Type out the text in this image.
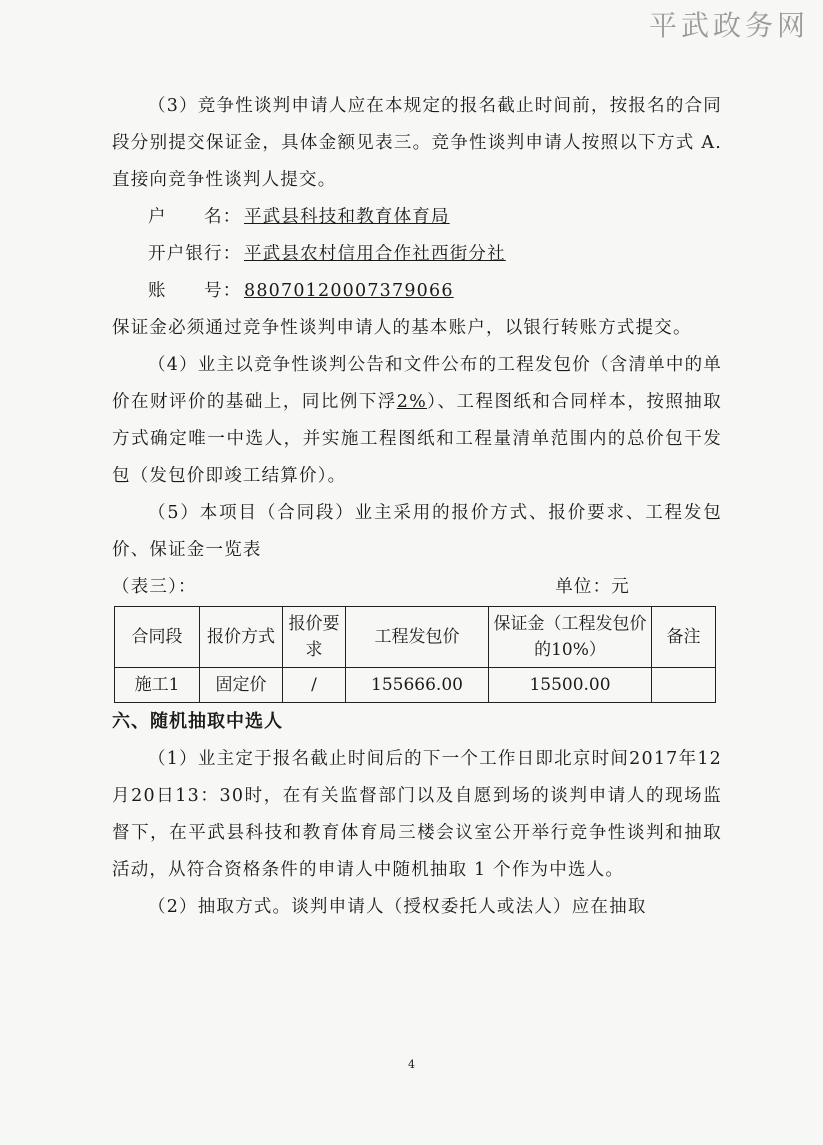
平武政务网

（3）竞争性谈判申请人应在本规定的报名截止时间前，按报名的合同段分别提交保证金，具体金额见表三。竞争性谈判申请人按照以下方式 A. 直接向竞争性谈判人提交。

户　　名： 平武县科技和教育体育局
开户银行： 平武县农村信用合作社西街分社
账　　号： 88070120007379066

保证金必须通过竞争性谈判申请人的基本账户，以银行转账方式提交。

（4）业主以竞争性谈判公告和文件公布的工程发包价（含清单中的单价在财评价的基础上，同比例下浮2%）、工程图纸和合同样本，按照抽取方式确定唯一中选人，并实施工程图纸和工程量清单范围内的总价包干发包（发包价即竣工结算价）。

（5）本项目（合同段）业主采用的报价方式、报价要求、工程发包价、保证金一览表

（表三）：	单位：元
合同段	报价方式	报价要求	工程发包价	保证金（工程发包价的10%）	备注
施工1	固定价	/	155666.00	15500.00	

六、随机抽取中选人

（1）业主定于报名截止时间后的下一个工作日即北京时间2017年12月20日13：30时，在有关监督部门以及自愿到场的谈判申请人的现场监督下，在平武县科技和教育体育局三楼会议室公开举行竞争性谈判和抽取活动，从符合资格条件的申请人中随机抽取 1 个作为中选人。

（2）抽取方式。谈判申请人（授权委托人或法人）应在抽取

4
